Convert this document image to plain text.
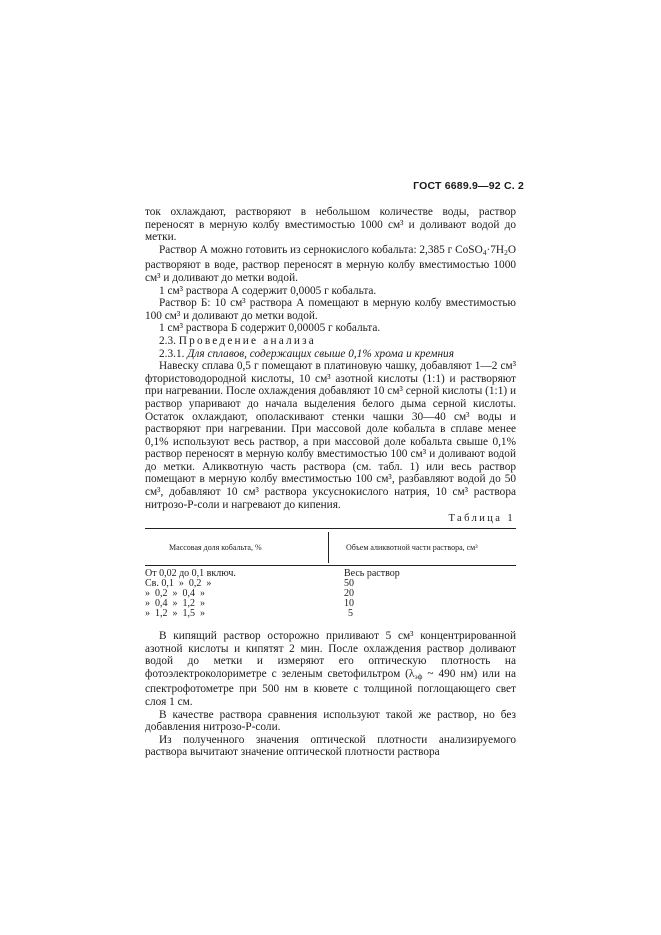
ГОСТ 6689.9—92 С. 2

ток охлаждают, растворяют в небольшом количестве воды, раствор переносят в мерную колбу вместимостью 1000 см³ и доливают водой до метки.

Раствор А можно готовить из сернокислого кобальта: 2,385 г $CoSO_4\cdot 7H_2O$ растворяют в воде, раствор переносят в мерную колбу вместимостью 1000 см³ и доливают до метки водой.

1 см³ раствора А содержит 0,0005 г кобальта.

Раствор Б: 10 см³ раствора А помещают в мерную колбу вместимостью 100 см³ и доливают до метки водой.

1 см³ раствора Б содержит 0,00005 г кобальта.

2.3. Проведение анализа

2.3.1. Для сплавов, содержащих свыше 0,1% хрома и кремния

Навеску сплава 0,5 г помещают в платиновую чашку, добавляют 1—2 см³ фтористоводородной кислоты, 10 см³ азотной кислоты (1:1) и растворяют при нагревании. После охлаждения добавляют 10 см³ серной кислоты (1:1) и раствор упаривают до начала выделения белого дыма серной кислоты. Остаток охлаждают, ополаскивают стенки чашки 30—40 см³ воды и растворяют при нагревании. При массовой доле кобальта в сплаве менее 0,1% используют весь раствор, а при массовой доле кобальта свыше 0,1% раствор переносят в мерную колбу вместимостью 100 см³ и доливают водой до метки. Аликвотную часть раствора (см. табл. 1) или весь раствор помещают в мерную колбу вместимостью 100 см³, разбавляют водой до 50 см³, добавляют 10 см³ раствора уксуснокислого натрия, 10 см³ раствора нитрозо-Р-соли и нагревают до кипения.

Таблица 1
Массовая доля кобальта, %	Объем аликвотной части раствора, см³
От 0,02 до 0,1 включ.	Весь раствор
Св. 0,1  »  0,2  »	50
»  0,2  »  0,4  »	20
»  0,4  »  1,2  »	10
»  1,2  »  1,5  »	5

В кипящий раствор осторожно приливают 5 см³ концентрированной азотной кислоты и кипятят 2 мин. После охлаждения раствор доливают водой до метки и измеряют его оптическую плотность на фотоэлектроколориметре с зеленым светофильтром ($\lambda_{эф}$ ~ 490 нм) или на спектрофотометре при 500 нм в кювете с толщиной поглощающего свет слоя 1 см.

В качестве раствора сравнения используют такой же раствор, но без добавления нитрозо-Р-соли.

Из полученного значения оптической плотности анализируемого раствора вычитают значение оптической плотности раствора
